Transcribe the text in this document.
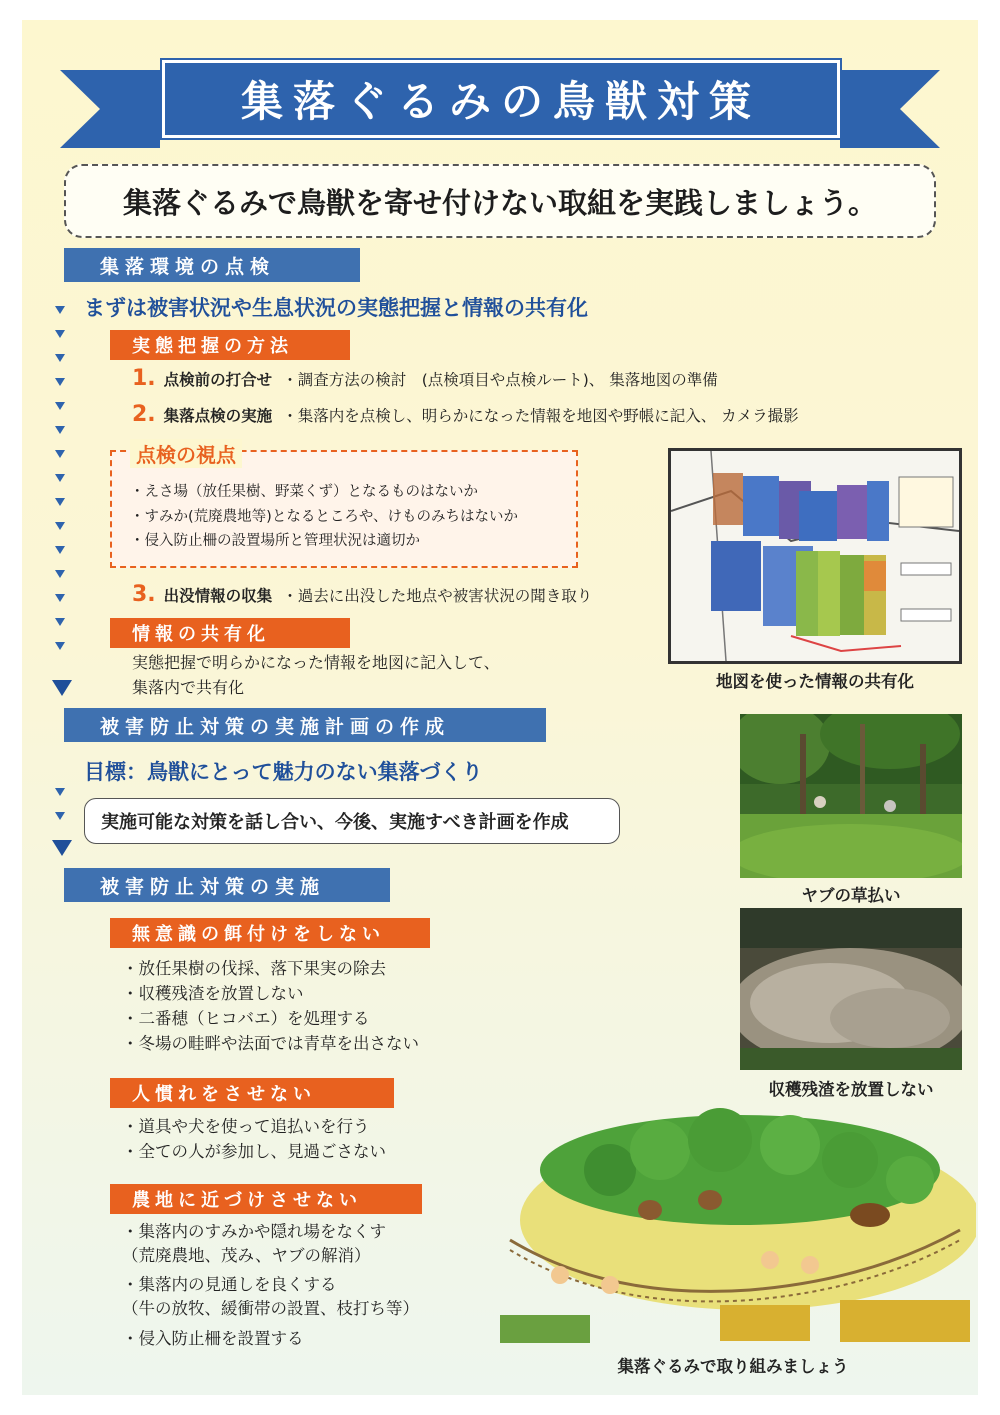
集落ぐるみの鳥獣対策
集落ぐるみで鳥獣を寄せ付けない取組を実践しましょう。
集落環境の点検
まずは被害状況や生息状況の実態把握と情報の共有化
実態把握の方法
1. 点検前の打合せ ・調査方法の検討　(点検項目や点検ルート)、 集落地図の準備
2. 集落点検の実施 ・集落内を点検し、明らかになった情報を地図や野帳に記入、 カメラ撮影
点検の視点
・えさ場（放任果樹、野菜くず）となるものはないか
・すみか(荒廃農地等)となるところや、けものみちはないか
・侵入防止柵の設置場所と管理状況は適切か
3. 出没情報の収集 ・過去に出没した地点や被害状況の聞き取り
情報の共有化
実態把握で明らかになった情報を地図に記入して、
集落内で共有化	地図を使った情報の共有化
被害防止対策の実施計画の作成
目標：鳥獣にとって魅力のない集落づくり
実施可能な対策を話し合い、今後、実施すべき計画を作成
ヤブの草払い
被害防止対策の実施
無意識の餌付けをしない
・放任果樹の伐採、落下果実の除去
・収穫残渣を放置しない
・二番穂（ヒコバエ）を処理する
・冬場の畦畔や法面では青草を出さない
人慣れをさせない
・道具や犬を使って追払いを行う
・全ての人が参加し、見過ごさない
農地に近づけさせない
・集落内のすみかや隠れ場をなくす
（荒廃農地、茂み、ヤブの解消）
・集落内の見通しを良くする
（牛の放牧、緩衝帯の設置、枝打ち等）
・侵入防止柵を設置する
収穫残渣を放置しない
集落ぐるみで取り組みましょう
